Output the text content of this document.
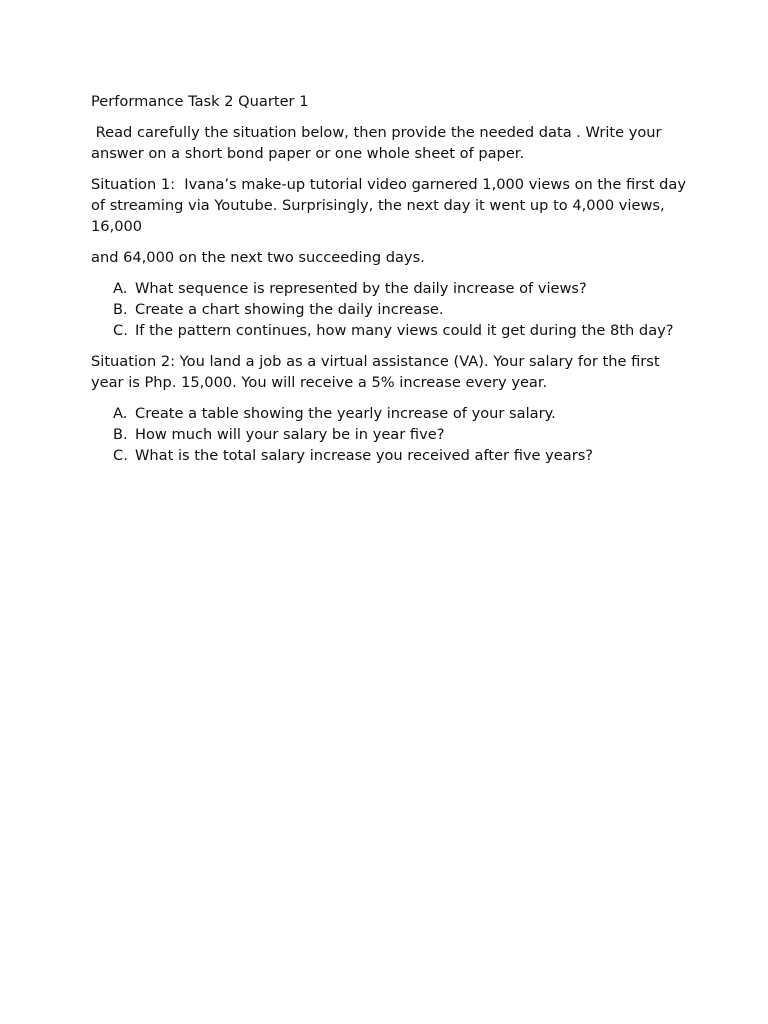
Performance Task 2 Quarter 1

Read carefully the situation below, then provide the needed data . Write your answer on a short bond paper or one whole sheet of paper.

Situation 1:  Ivana’s make-up tutorial video garnered 1,000 views on the first day of streaming via Youtube. Surprisingly, the next day it went up to 4,000 views, 16,000

and 64,000 on the next two succeeding days.

A. What sequence is represented by the daily increase of views?
B. Create a chart showing the daily increase.
C. If the pattern continues, how many views could it get during the 8th day?

Situation 2: You land a job as a virtual assistance (VA). Your salary for the first year is Php. 15,000. You will receive a 5% increase every year.

A. Create a table showing the yearly increase of your salary.
B. How much will your salary be in year five?
C. What is the total salary increase you received after five years?
